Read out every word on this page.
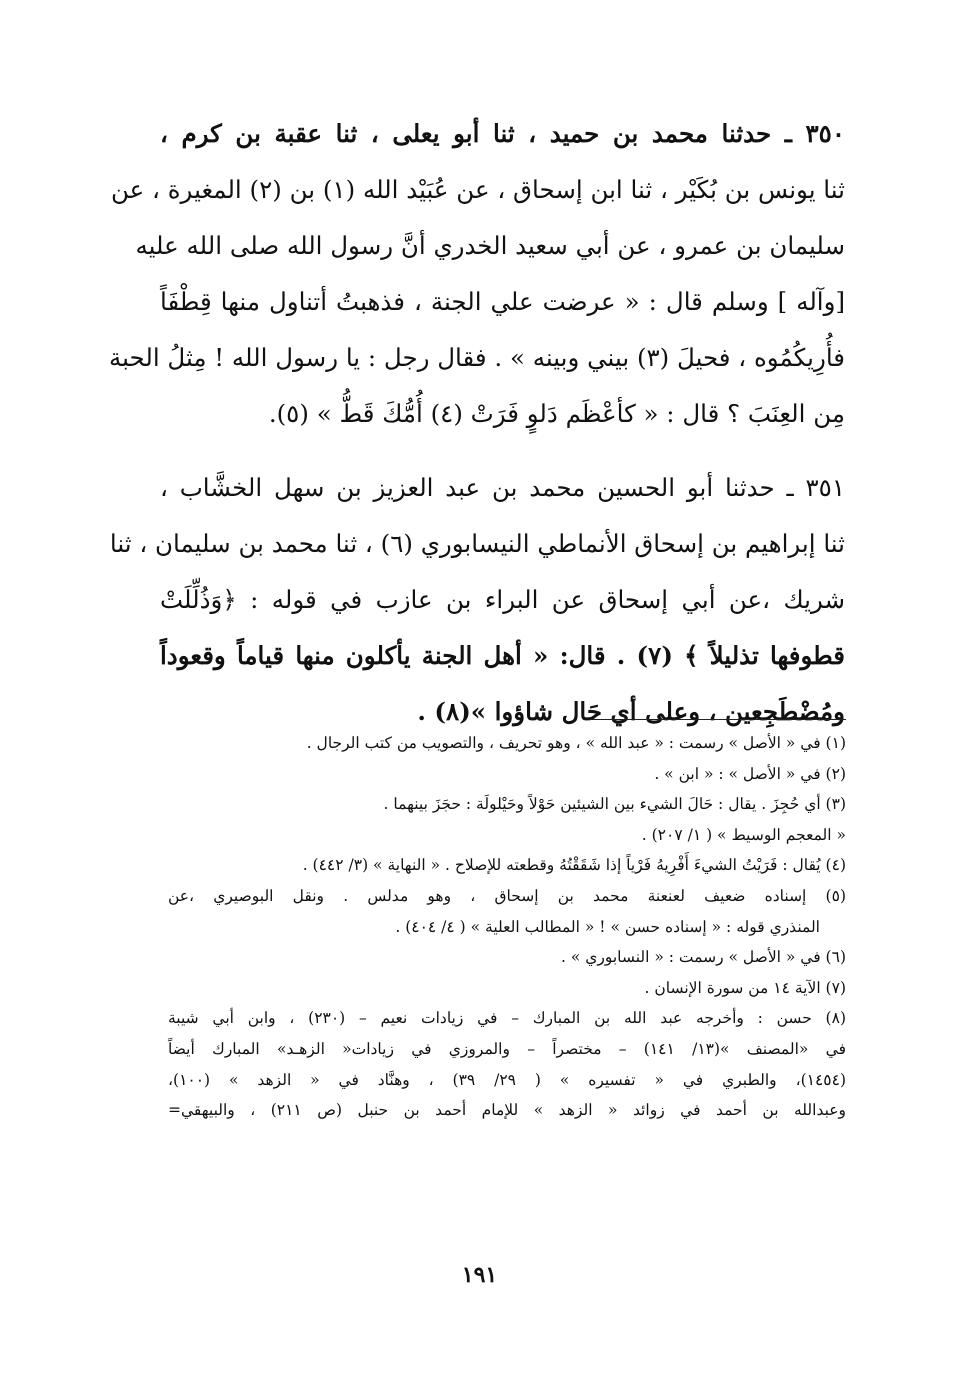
٣٥٠ ـ حدثنا محمد بن حميد ، ثنا أبو يعلى ، ثنا عقبة بن كرم ،
ثنا يونس بن بُكَيْر ، ثنا ابن إسحاق ، عن عُبَيْد الله (١) بن (٢) المغيرة ، عن
سليمان بن عمرو ، عن أبي سعيد الخدري أنَّ رسول الله صلى الله عليه
[وآله ] وسلم قال : « عرضت علي الجنة ، فذهبتُ أتناول منها قِطْفَاً
فأُرِيكُمُوه ، فحيلَ (٣) بيني وبينه » . فقال رجل : يا رسول الله ! مِثلُ الحبة
مِن العِنَبَ ؟ قال : « كأعْظَم دَلوٍ فَرَتْ (٤) أُمُّكَ قَطُّ » (٥).
٣٥١ ـ حدثنا أبو الحسين محمد بن عبد العزيز بن سهل الخشَّاب ،
ثنا إبراهيم بن إسحاق الأنماطي النيسابوري (٦) ، ثنا محمد بن سليمان ، ثنا
شريك ،عن أبي إسحاق عن البراء بن عازب في قوله : ﴿وَذُلِّلَتْ
قطوفها تذليلاً ﴾ (٧) . قال: « أهل الجنة يأكلون منها قياماً وقعوداً
ومُضْطَجِعين ، وعلى أي حَال شاؤوا »(٨) .
(١) في « الأصل » رسمت : « عبد الله » ، وهو تحريف ، والتصويب من كتب الرجال .
(٢) في « الأصل » : « ابن » .
(٣) أي حُجِزَ . يقال : حَالَ الشيء بين الشيئين حَوْلاً وحَيْلولَة : حجَزَ بينهما .
« المعجم الوسيط » ( ١/ ٢٠٧) .
(٤) يُقال : فَرَيْتُ الشيءَ أَفْرِيهُ فَرْياً إذا شَقَقْتُهُ وقطعته للإصلاح . « النهاية » (٣/ ٤٤٢) .
(٥) إسناده ضعيف لعنعنة محمد بن إسحاق ، وهو مدلس . ونقل البوصيري ،عن
المنذري قوله : « إسناده حسن » ! « المطالب العلية » ( ٤/ ٤٠٤) .
(٦) في « الأصل » رسمت : « النسابوري » .
(٧) الآية ١٤ من سورة الإنسان .
(٨) حسن : وأخرجه عبد الله بن المبارك – في زيادات نعيم – (٢٣٠) ، وابن أبي شيبة
في «المصنف »(١٣/ ١٤١) – مختصراً – والمروزي في زيادات« الزهـد» المبارك أيضاً
(١٤٥٤)، والطبري في « تفسيره » ( ٢٩/ ٣٩) ، وهنَّاد في « الزهد » (١٠٠)،
وعبدالله بن أحمد في زوائد « الزهد » للإمام أحمد بن حنبل (ص ٢١١) ، والبيهقي=
١٩١
